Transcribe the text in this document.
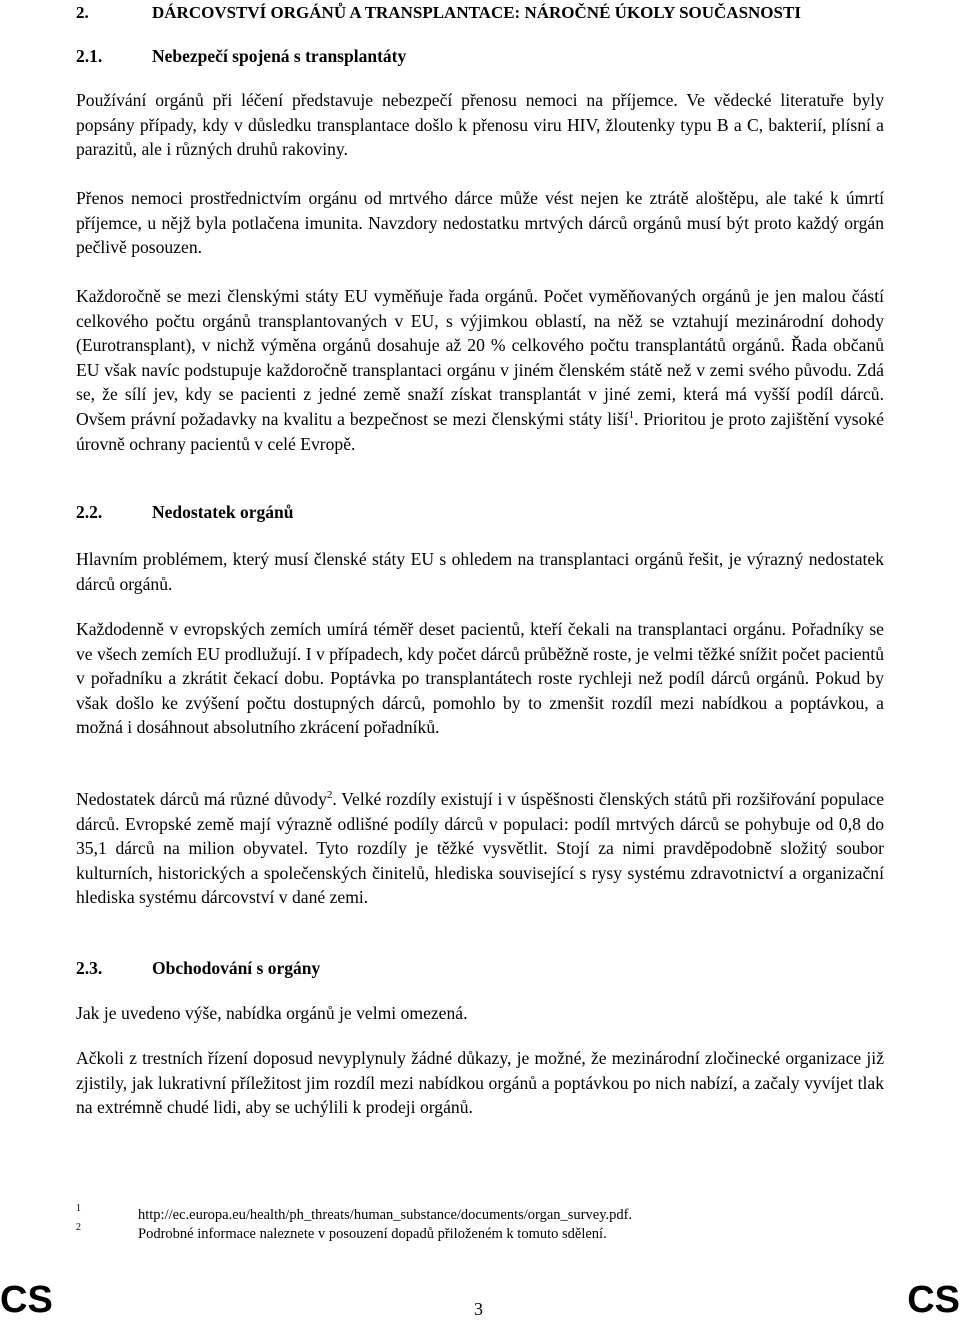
2.	DÁRCOVSTVÍ ORGÁNŮ A TRANSPLANTACE: NÁROČNÉ ÚKOLY SOUČASNOSTI
2.1.	Nebezpečí spojená s transplantáty

Používání orgánů při léčení představuje nebezpečí přenosu nemoci na příjemce. Ve vědecké literatuře byly popsány případy, kdy v důsledku transplantace došlo k přenosu viru HIV, žloutenky typu B a C, bakterií, plísní a parazitů, ale i různých druhů rakoviny.

Přenos nemoci prostřednictvím orgánu od mrtvého dárce může vést nejen ke ztrátě aloštěpu, ale také k úmrtí příjemce, u nějž byla potlačena imunita. Navzdory nedostatku mrtvých dárců orgánů musí být proto každý orgán pečlivě posouzen.

Každoročně se mezi členskými státy EU vyměňuje řada orgánů. Počet vyměňovaných orgánů je jen malou částí celkového počtu orgánů transplantovaných v EU, s výjimkou oblastí, na něž se vztahují mezinárodní dohody (Eurotransplant), v nichž výměna orgánů dosahuje až 20 % celkového počtu transplantátů orgánů. Řada občanů EU však navíc podstupuje každoročně transplantaci orgánu v jiném členském státě než v zemi svého původu. Zdá se, že sílí jev, kdy se pacienti z jedné země snaží získat transplantát v jiné zemi, která má vyšší podíl dárců. Ovšem právní požadavky na kvalitu a bezpečnost se mezi členskými státy liší$^1$. Prioritou je proto zajištění vysoké úrovně ochrany pacientů v celé Evropě.

2.2.	Nedostatek orgánů

Hlavním problémem, který musí členské státy EU s ohledem na transplantaci orgánů řešit, je výrazný nedostatek dárců orgánů.

Každodenně v evropských zemích umírá téměř deset pacientů, kteří čekali na transplantaci orgánu. Pořadníky se ve všech zemích EU prodlužují. I v případech, kdy počet dárců průběžně roste, je velmi těžké snížit počet pacientů v pořadníku a zkrátit čekací dobu. Poptávka po transplantátech roste rychleji než podíl dárců orgánů. Pokud by však došlo ke zvýšení počtu dostupných dárců, pomohlo by to zmenšit rozdíl mezi nabídkou a poptávkou, a možná i dosáhnout absolutního zkrácení pořadníků.

Nedostatek dárců má různé důvody$^2$. Velké rozdíly existují i v úspěšnosti členských států při rozšiřování populace dárců. Evropské země mají výrazně odlišné podíly dárců v populaci: podíl mrtvých dárců se pohybuje od 0,8 do 35,1 dárců na milion obyvatel. Tyto rozdíly je těžké vysvětlit. Stojí za nimi pravděpodobně složitý soubor kulturních, historických a společenských činitelů, hlediska související s rysy systému zdravotnictví a organizační hlediska systému dárcovství v dané zemi.

2.3.	Obchodování s orgány

Jak je uvedeno výše, nabídka orgánů je velmi omezená.

Ačkoli z trestních řízení doposud nevyplynuly žádné důkazy, je možné, že mezinárodní zločinecké organizace již zjistily, jak lukrativní příležitost jim rozdíl mezi nabídkou orgánů a poptávkou po nich nabízí, a začaly vyvíjet tlak na extrémně chudé lidi, aby se uchýlili k prodeji orgánů.

1	http://ec.europa.eu/health/ph_threats/human_substance/documents/organ_survey.pdf.
2	Podrobné informace naleznete v posouzení dopadů přiloženém k tomuto sdělení.
CS	3	CS
